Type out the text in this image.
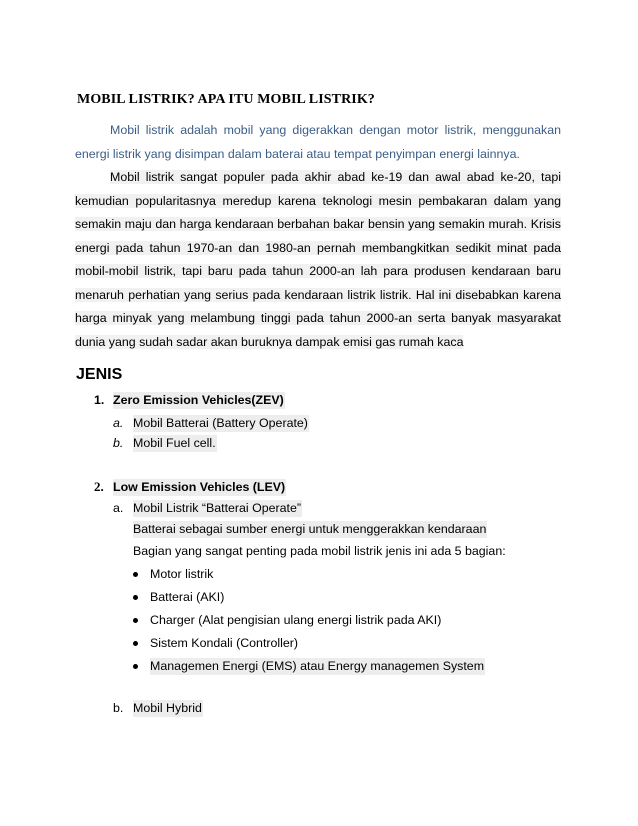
MOBIL LISTRIK? APA ITU MOBIL LISTRIK?

Mobil listrik adalah mobil yang digerakkan dengan motor listrik, menggunakan energi listrik yang disimpan dalam baterai atau tempat penyimpan energi lainnya.

Mobil listrik sangat populer pada akhir abad ke-19 dan awal abad ke-20, tapi kemudian popularitasnya meredup karena teknologi mesin pembakaran dalam yang semakin maju dan harga kendaraan berbahan bakar bensin yang semakin murah. Krisis energi pada tahun 1970-an dan 1980-an pernah membangkitkan sedikit minat pada mobil-mobil listrik, tapi baru pada tahun 2000-an lah para produsen kendaraan baru menaruh perhatian yang serius pada kendaraan listrik listrik. Hal ini disebabkan karena harga minyak yang melambung tinggi pada tahun 2000-an serta banyak masyarakat dunia yang sudah sadar akan buruknya dampak emisi gas rumah kaca

JENIS
1. Zero Emission Vehicles(ZEV)
a. Mobil Batterai (Battery Operate)
b. Mobil Fuel cell.
2. Low Emission Vehicles (LEV)
a. Mobil Listrik “Batterai Operate”
Batterai sebagai sumber energi untuk menggerakkan kendaraan
Bagian yang sangat penting pada mobil listrik jenis ini ada 5 bagian:
Motor listrik
Batterai (AKI)
Charger (Alat pengisian ulang energi listrik pada AKI)
Sistem Kondali (Controller)
Managemen Energi (EMS) atau Energy managemen System
b. Mobil Hybrid
